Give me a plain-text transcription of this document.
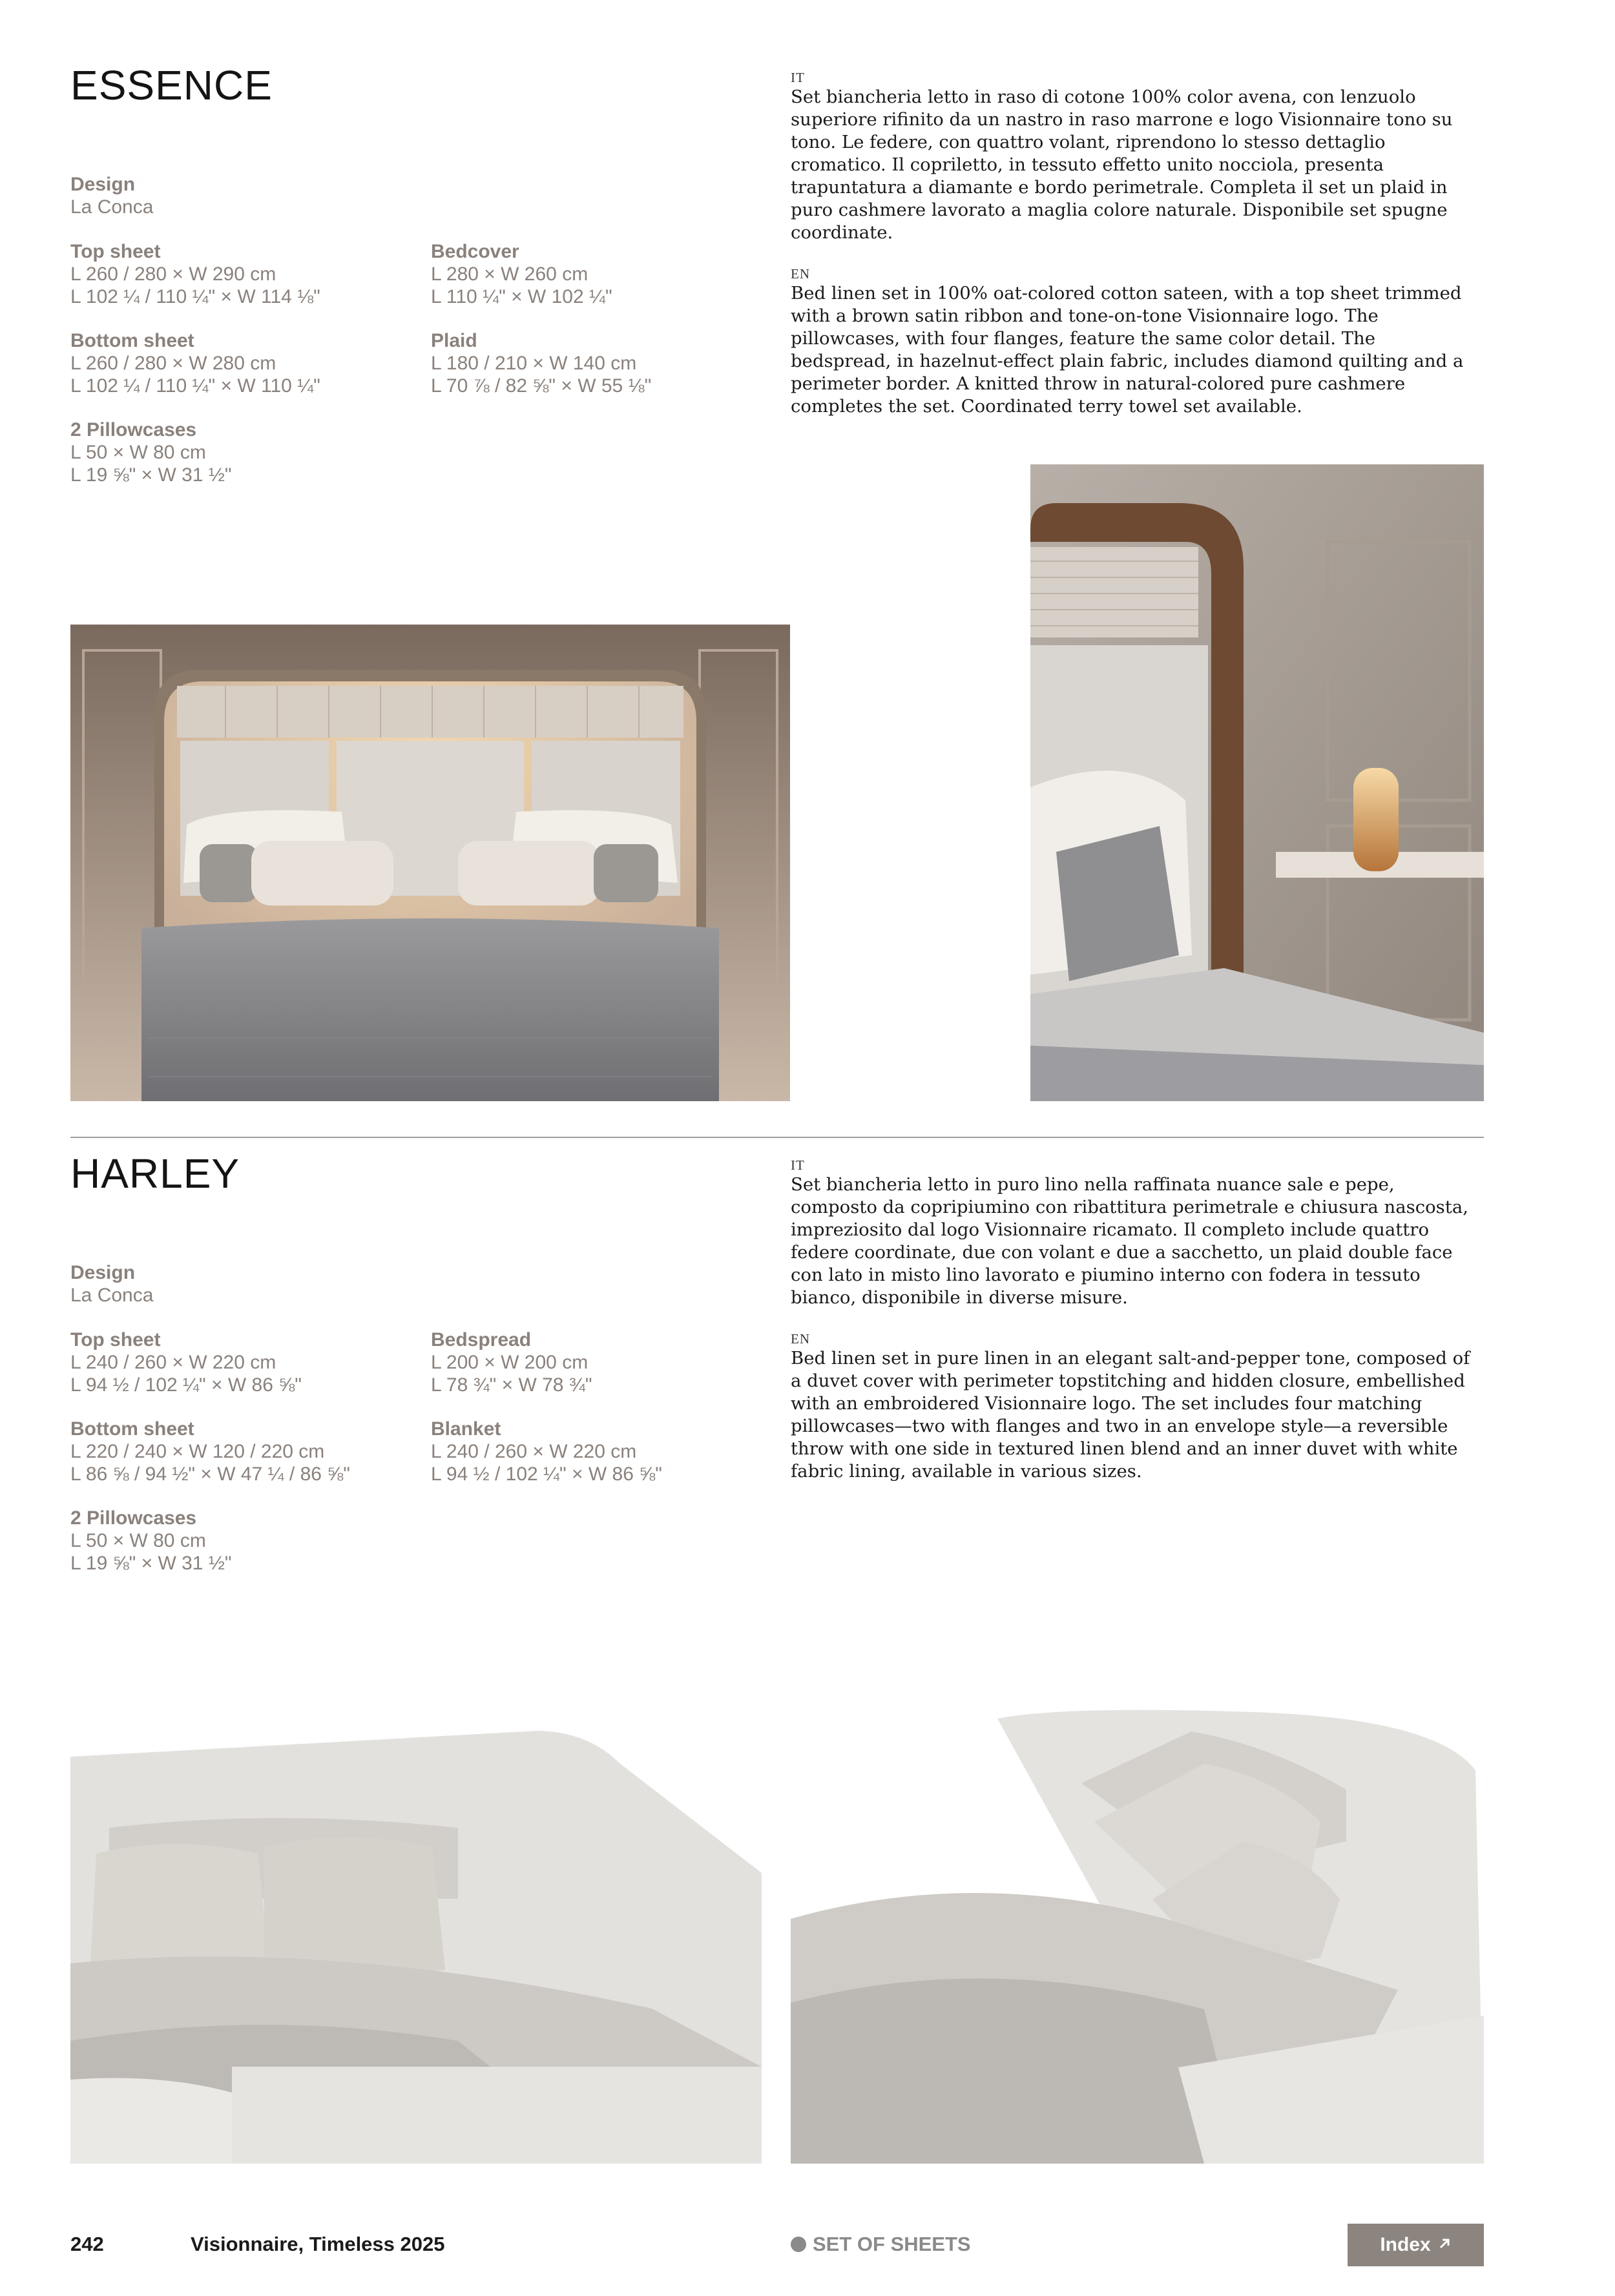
ESSENCE
Design
La Conca
Top sheet
L 260 / 280 × W 290 cm
L 102 ¼ / 110 ¼" × W 114 ⅛"
Bottom sheet
L 260 / 280 × W 280 cm
L 102 ¼ / 110 ¼" × W 110 ¼"
2 Pillowcases
L 50 × W 80 cm
L 19 ⅝" × W 31 ½"
Bedcover
L 280 × W 260 cm
L 110 ¼" × W 102 ¼"
Plaid
L 180 / 210 × W 140 cm
L 70 ⅞ / 82 ⅝" × W 55 ⅛"
IT

Set biancheria letto in raso di cotone 100% color avena, con lenzuolo superiore rifinito da un nastro in raso marrone e logo Visionnaire tono su tono. Le federe, con quattro volant, riprendono lo stesso dettaglio cromatico. Il copriletto, in tessuto effetto unito nocciola, presenta trapuntatura a diamante e bordo perimetrale. Completa il set un plaid in puro cashmere lavorato a maglia colore naturale. Disponibile set spugne coordinate.

EN

Bed linen set in 100% oat-colored cotton sateen, with a top sheet trimmed with a brown satin ribbon and tone-on-tone Visionnaire logo. The pillowcases, with four flanges, feature the same color detail. The bedspread, in hazelnut-effect plain fabric, includes diamond quilting and a perimeter border. A knitted throw in natural-colored pure cashmere completes the set. Coordinated terry towel set available.

HARLEY
Design
La Conca
Top sheet
L 240 / 260 × W 220 cm
L 94 ½ / 102 ¼" × W 86 ⅝"
Bottom sheet
L 220 / 240 × W 120 / 220 cm
L 86 ⅝ / 94 ½" × W 47 ¼ / 86 ⅝"
2 Pillowcases
L 50 × W 80 cm
L 19 ⅝" × W 31 ½"
Bedspread
L 200 × W 200 cm
L 78 ¾" × W 78 ¾"
Blanket
L 240 / 260 × W 220 cm
L 94 ½ / 102 ¼" × W 86 ⅝"
IT

Set biancheria letto in puro lino nella raffinata nuance sale e pepe, composto da copripiumino con ribattitura perimetrale e chiusura nascosta, impreziosito dal logo Visionnaire ricamato. Il completo include quattro federe coordinate, due con volant e due a sacchetto, un plaid double face con lato in misto lino lavorato e piumino interno con fodera in tessuto bianco, disponibile in diverse misure.

EN

Bed linen set in pure linen in an elegant salt-and-pepper tone, composed of a duvet cover with perimeter topstitching and hidden closure, embellished with an embroidered Visionnaire logo. The set includes four matching pillowcases—two with flanges and two in an envelope style—a reversible throw with one side in textured linen blend and an inner duvet with white fabric lining, available in various sizes.

242	Visionnaire, Timeless 2025	SET OF SHEETS	Index
